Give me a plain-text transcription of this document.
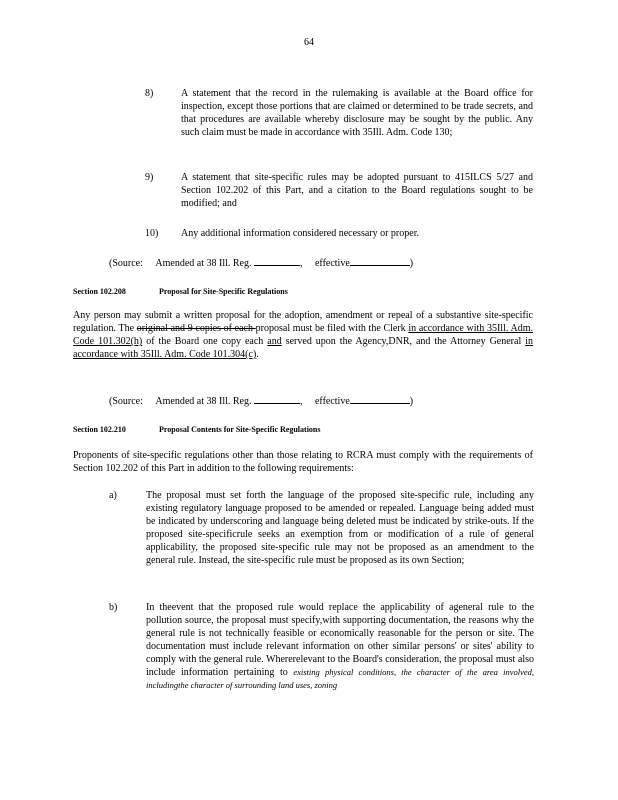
64
8)	A statement that the record in the rulemaking is available at the Board office for inspection, except those portions that are claimed or determined to be trade secrets, and that procedures are available whereby disclosure may be sought by the public. Any such claim must be made in accordance with 35Ill. Adm. Code 130;
9)	A statement that site-specific rules may be adopted pursuant to 415ILCS 5/27 and Section 102.202 of this Part, and a citation to the Board regulations sought to be modified; and
10) Any additional information considered necessary or proper.
(Source: Amended at 38 Ill. Reg.	, effective	)
Section 102.208	Proposal for Site-Specific Regulations
Any person may submit a written proposal for the adoption, amendment or repeal of a substantive site-specific regulation. The original and 9 copies of each proposal must be filed with the Clerk in accordance with 35Ill. Adm. Code 101.302(h) of the Board one copy each and served upon the Agency,DNR, and the Attorney General in accordance with 35Ill. Adm. Code 101.304(c).
(Source: Amended at 38 Ill. Reg.	, effective	)
Section 102.210	Proposal Contents for Site-Specific Regulations
Proponents of site-specific regulations other than those relating to RCRA must comply with the requirements of Section 102.202 of this Part in addition to the following requirements:
a)	The proposal must set forth the language of the proposed site-specific rule, including any existing regulatory language proposed to be amended or repealed. Language being added must be indicated by underscoring and language being deleted must be indicated by strike-outs. If the proposed site-specificrule seeks an exemption from or modification of a rule of general applicability, the proposed site-specific rule may not be proposed as an amendment to the general rule. Instead, the site-specific rule must be proposed as its own Section;
b)	In theevent that the proposed rule would replace the applicability of ageneral rule to the pollution source, the proposal must specify,with supporting documentation, the reasons why the general rule is not technically feasible or economically reasonable for the person or site. The documentation must include relevant information on other similar persons' or sites' ability to comply with the general rule. Whererelevant to the Board's consideration, the proposal must also include information pertaining to existing physical conditions, the character of the area involved, includingthe character of surrounding land uses, zoning
